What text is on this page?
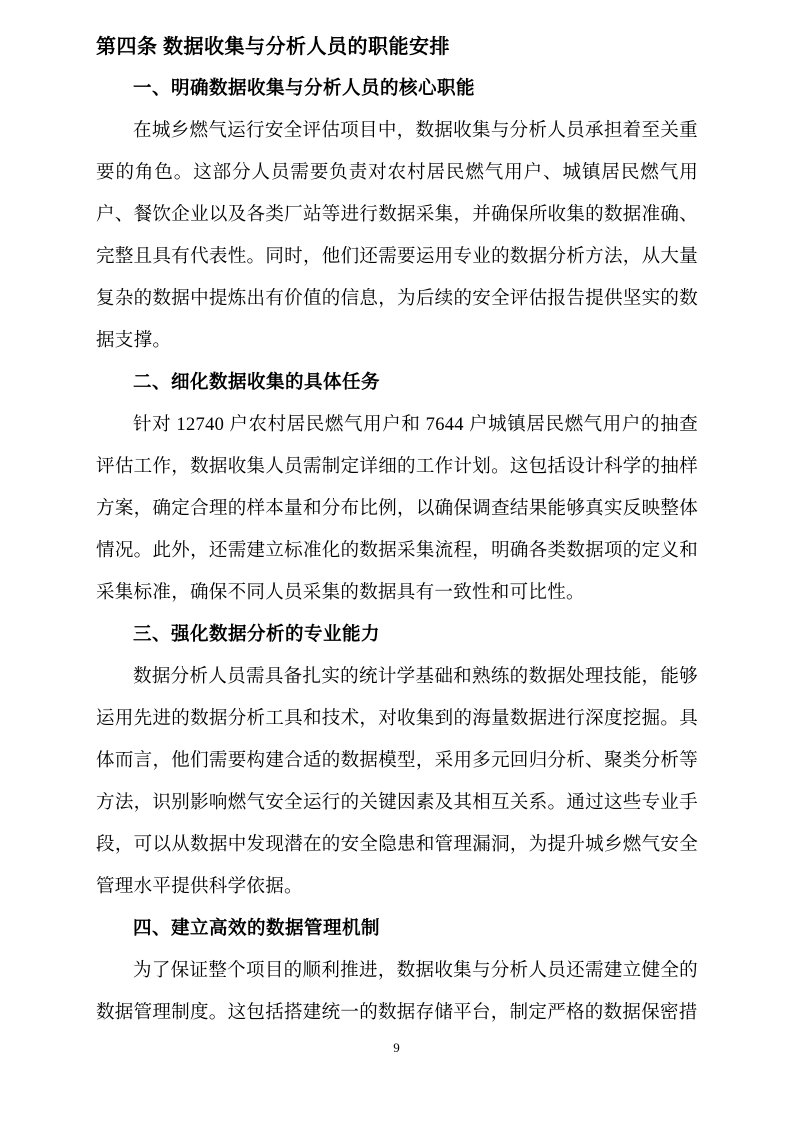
第四条 数据收集与分析人员的职能安排
一、明确数据收集与分析人员的核心职能

在城乡燃气运行安全评估项目中，数据收集与分析人员承担着至关重要的角色。这部分人员需要负责对农村居民燃气用户、城镇居民燃气用户、餐饮企业以及各类厂站等进行数据采集，并确保所收集的数据准确、完整且具有代表性。同时，他们还需要运用专业的数据分析方法，从大量复杂的数据中提炼出有价值的信息，为后续的安全评估报告提供坚实的数据支撑。

二、细化数据收集的具体任务

针对 12740 户农村居民燃气用户和 7644 户城镇居民燃气用户的抽查评估工作，数据收集人员需制定详细的工作计划。这包括设计科学的抽样方案，确定合理的样本量和分布比例，以确保调查结果能够真实反映整体情况。此外，还需建立标准化的数据采集流程，明确各类数据项的定义和采集标准，确保不同人员采集的数据具有一致性和可比性。

三、强化数据分析的专业能力

数据分析人员需具备扎实的统计学基础和熟练的数据处理技能，能够运用先进的数据分析工具和技术，对收集到的海量数据进行深度挖掘。具体而言，他们需要构建合适的数据模型，采用多元回归分析、聚类分析等方法，识别影响燃气安全运行的关键因素及其相互关系。通过这些专业手段，可以从数据中发现潜在的安全隐患和管理漏洞，为提升城乡燃气安全管理水平提供科学依据。

四、建立高效的数据管理机制

为了保证整个项目的顺利推进，数据收集与分析人员还需建立健全的数据管理制度。这包括搭建统一的数据存储平台，制定严格的数据保密措

9
